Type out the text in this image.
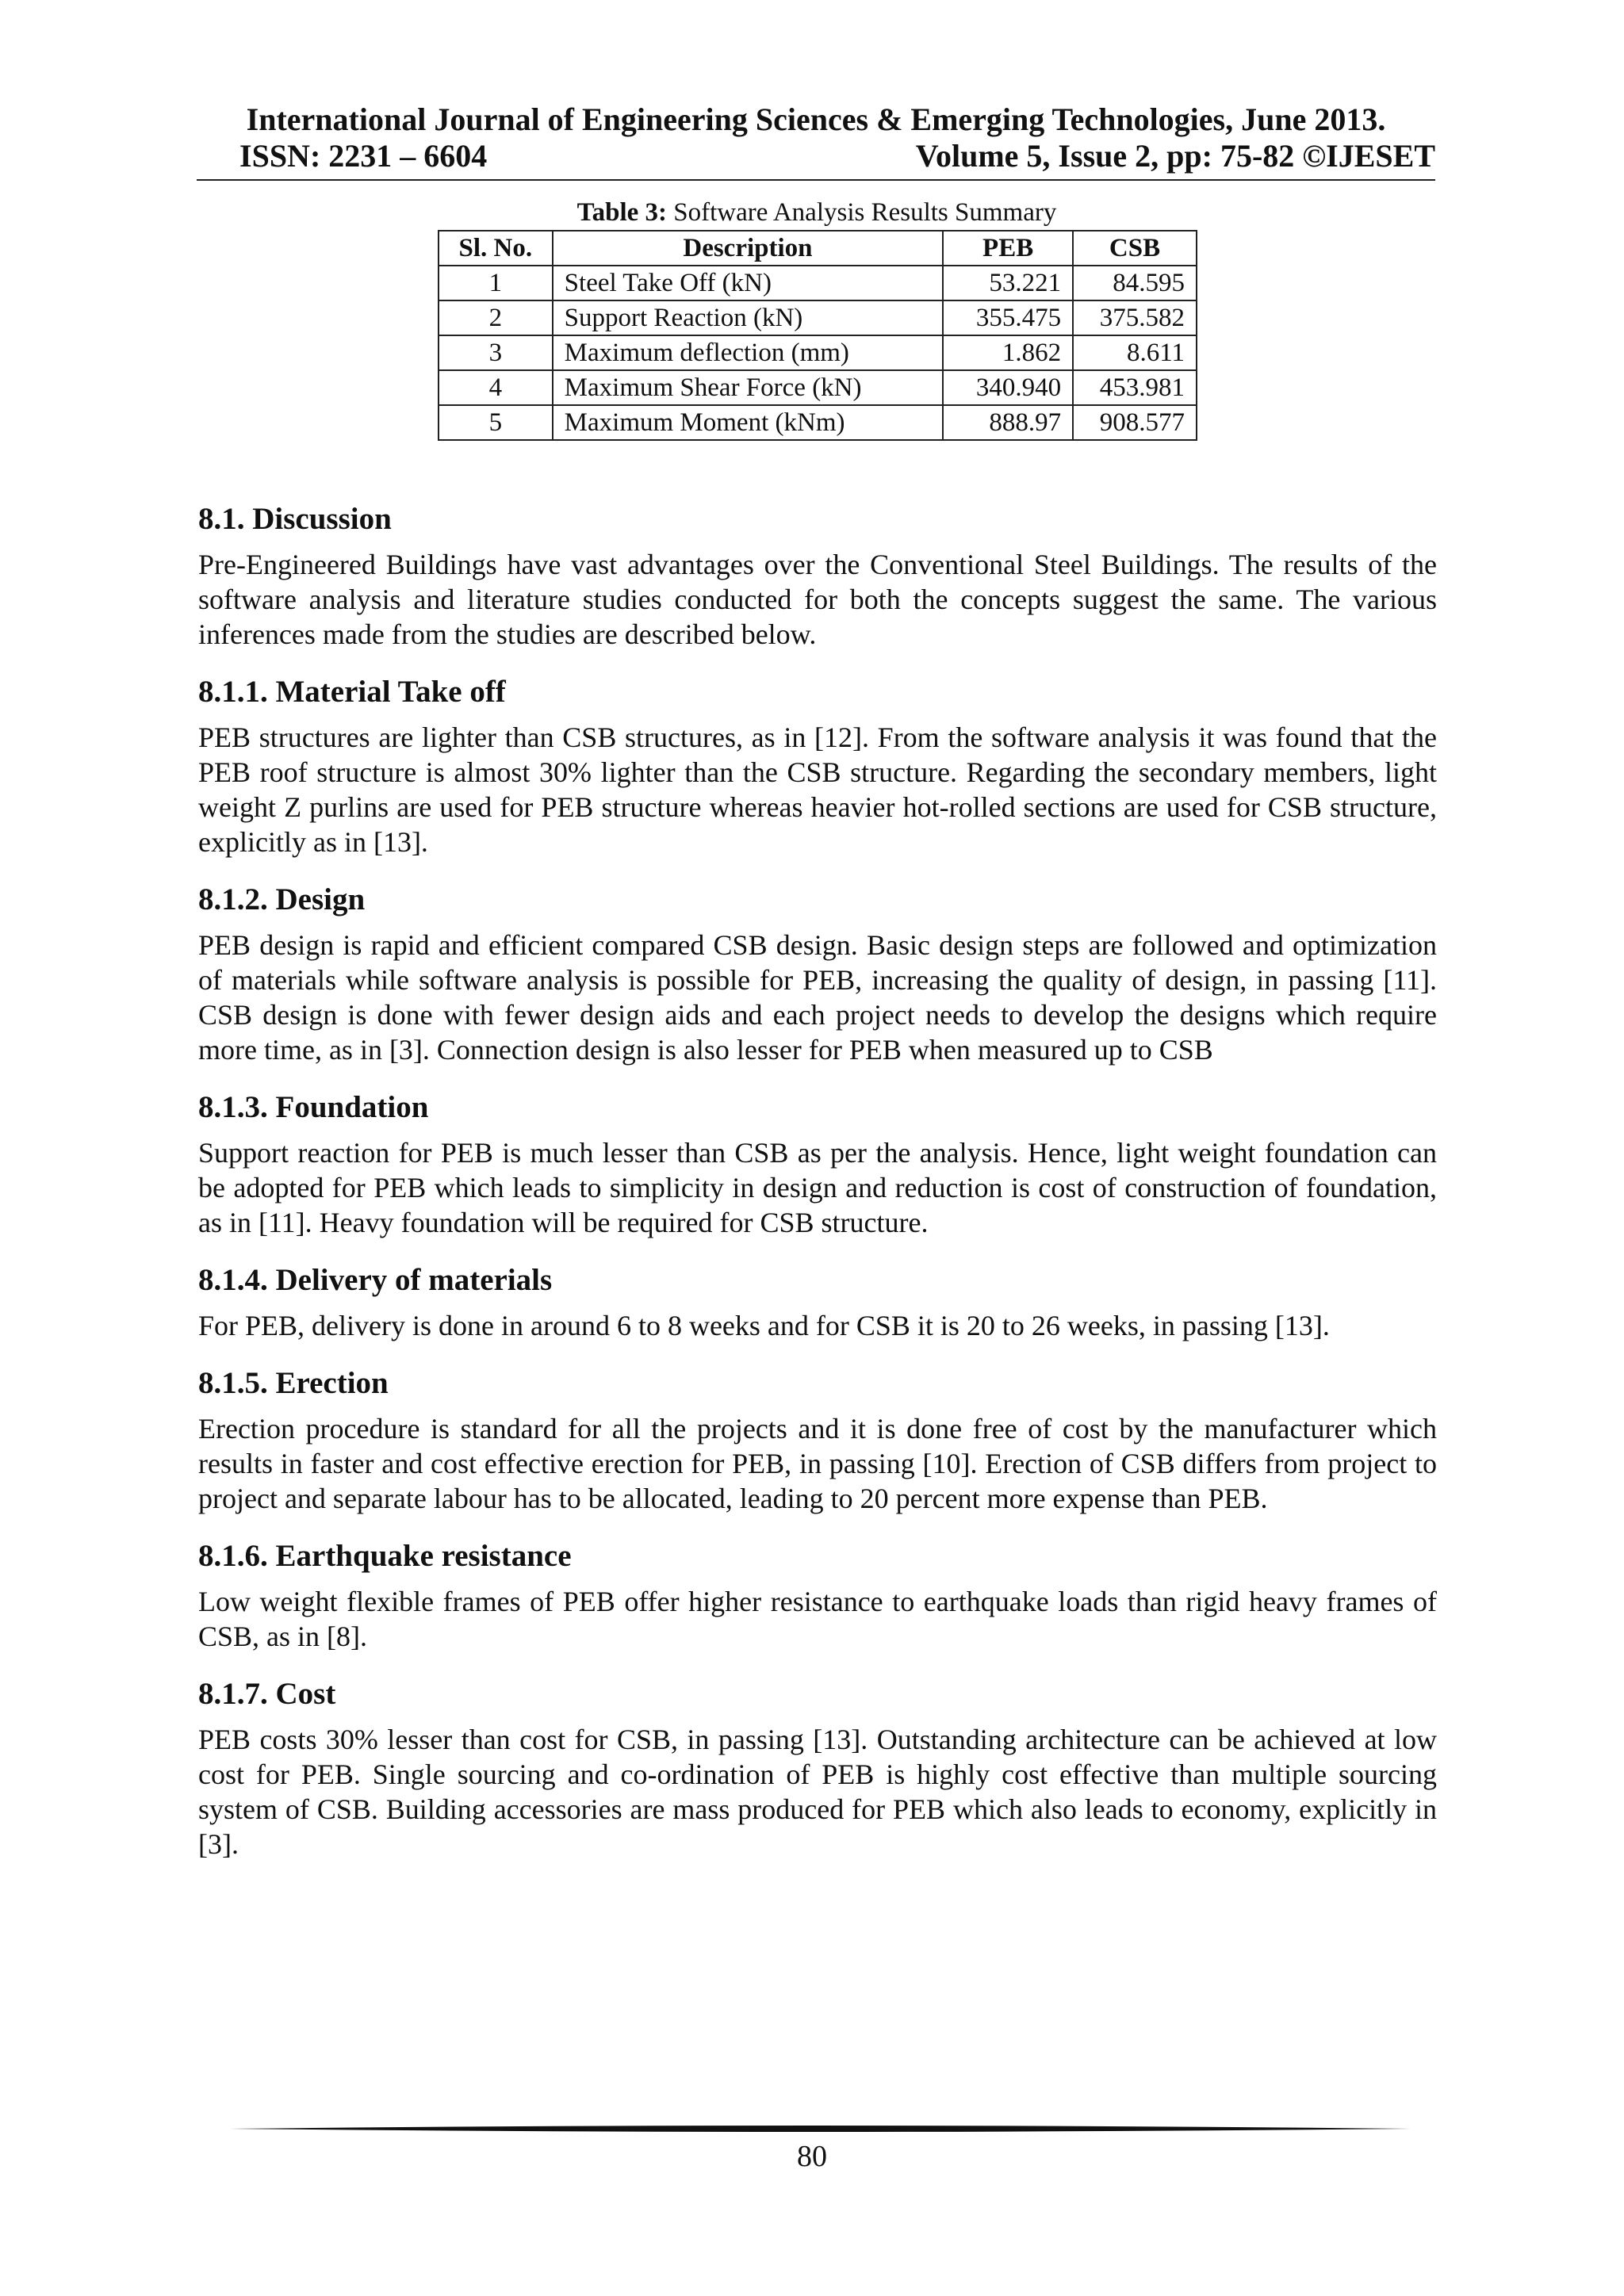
International Journal of Engineering Sciences & Emerging Technologies, June 2013.
ISSN: 2231 – 6604	Volume 5, Issue 2, pp: 75-82 ©IJESET
Table 3: Software Analysis Results Summary
Sl. No.	Description	PEB	CSB
1	Steel Take Off (kN)	53.221	84.595
2	Support Reaction (kN)	355.475	375.582
3	Maximum deflection (mm)	1.862	8.611
4	Maximum Shear Force (kN)	340.940	453.981
5	Maximum Moment (kNm)	888.97	908.577
8.1. Discussion

Pre-Engineered Buildings have vast advantages over the Conventional Steel Buildings. The results of the software analysis and literature studies conducted for both the concepts suggest the same. The various inferences made from the studies are described below.

8.1.1. Material Take off

PEB structures are lighter than CSB structures, as in [12]. From the software analysis it was found that the PEB roof structure is almost 30% lighter than the CSB structure. Regarding the secondary members, light weight Z purlins are used for PEB structure whereas heavier hot-rolled sections are used for CSB structure, explicitly as in [13].

8.1.2. Design

PEB design is rapid and efficient compared CSB design. Basic design steps are followed and optimization of materials while software analysis is possible for PEB, increasing the quality of design, in passing [11]. CSB design is done with fewer design aids and each project needs to develop the designs which require more time, as in [3]. Connection design is also lesser for PEB when measured up to CSB

8.1.3. Foundation

Support reaction for PEB is much lesser than CSB as per the analysis. Hence, light weight foundation can be adopted for PEB which leads to simplicity in design and reduction is cost of construction of foundation, as in [11]. Heavy foundation will be required for CSB structure.

8.1.4. Delivery of materials

For PEB, delivery is done in around 6 to 8 weeks and for CSB it is 20 to 26 weeks, in passing [13].

8.1.5. Erection

Erection procedure is standard for all the projects and it is done free of cost by the manufacturer which results in faster and cost effective erection for PEB, in passing [10]. Erection of CSB differs from project to project and separate labour has to be allocated, leading to 20 percent more expense than PEB.

8.1.6. Earthquake resistance

Low weight flexible frames of PEB offer higher resistance to earthquake loads than rigid heavy frames of CSB, as in [8].

8.1.7. Cost

PEB costs 30% lesser than cost for CSB, in passing [13]. Outstanding architecture can be achieved at low cost for PEB. Single sourcing and co-ordination of PEB is highly cost effective than multiple sourcing system of CSB. Building accessories are mass produced for PEB which also leads to economy, explicitly in [3].

80
